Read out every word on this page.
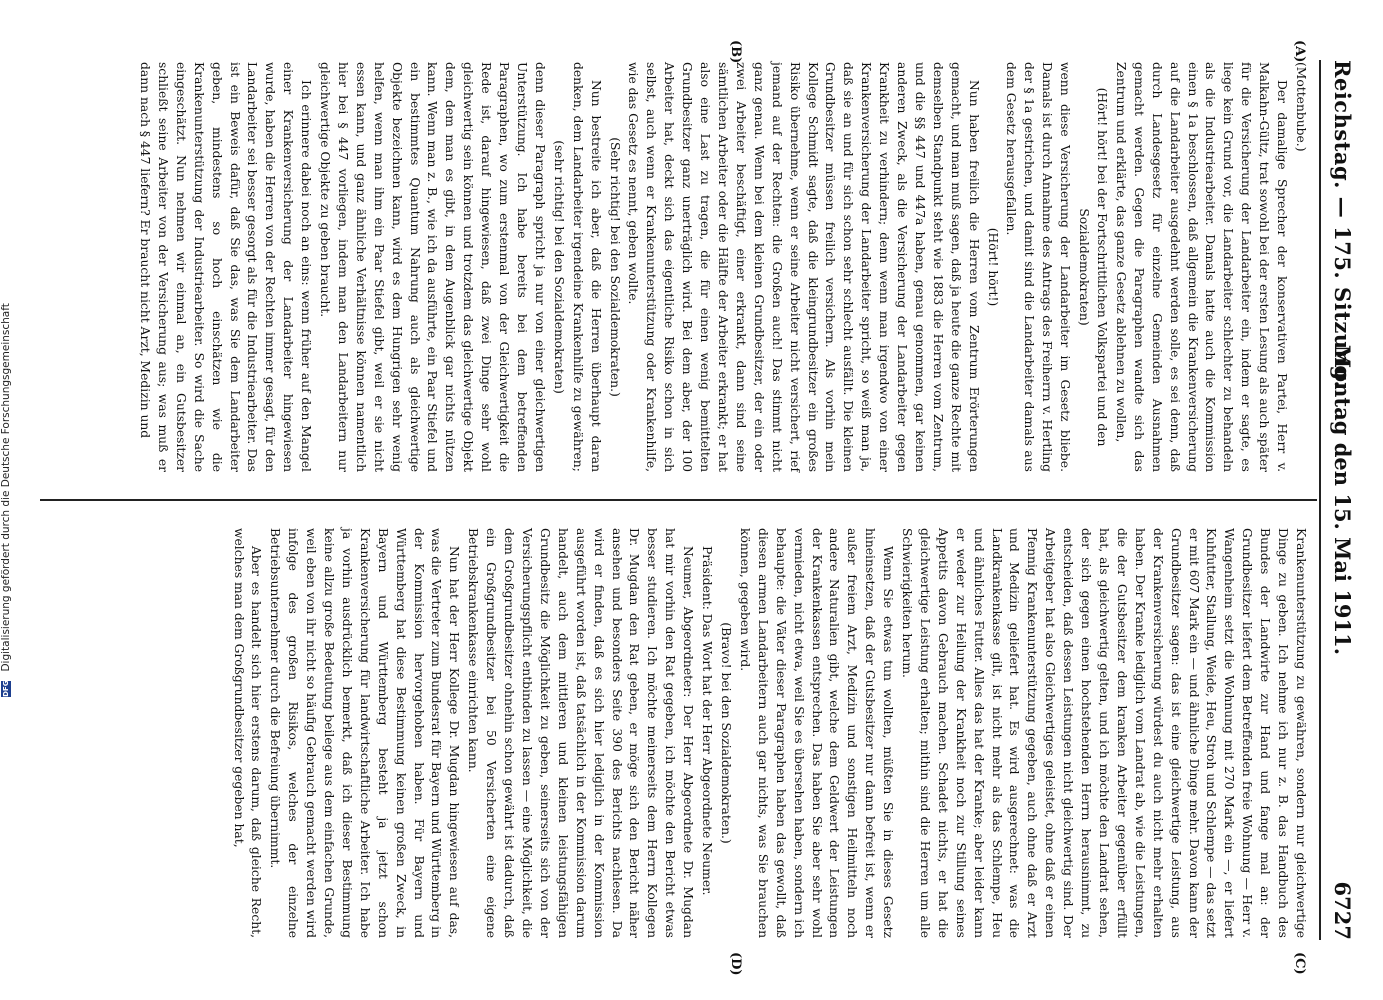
Reichstag. — 175. Sitzung.
Montag den 15. Mai 1911.
6727
(A)
(B)
(C)
(D)

(Mottenbube.)

Der damalige Sprecher der konservativen Partei, Herr v. Malkahn-Gültz, trat sowohl bei der ersten Lesung als auch später für die Versicherung der Landarbeiter ein, indem er sagte, es liege kein Grund vor, die Landarbeiter schlechter zu behandeln als die Industriearbeiter. Damals hatte auch die Kommission einen § 1a beschlossen, daß allgemein die Krankenversicherung auf die Landarbeiter ausgedehnt werden solle, es sei denn, daß durch Landesgesetz für einzelne Gemeinden Ausnahmen gemacht werden. Gegen die Paragraphen wandte sich das Zentrum und erklärte, das ganze Gesetz ablehnen zu wollen,

(Hört! hört! bei der Fortschrittlichen Volkspartei und den Sozialdemokraten)

wenn diese Versicherung der Landarbeiter im Gesetz bliebe. Damals ist durch Annahme des Antrags des Freiherrn v. Hertling der § 1a gestrichen, und damit sind die Landarbeiter damals aus dem Gesetz herausgefallen.

(Hört! hört!)

Nun haben freilich die Herren vom Zentrum Erörterungen gemacht, und man muß sagen, daß ja heute die ganze Rechte mit demselben Standpunkt steht wie 1883 die Herren vom Zentrum, und die §§ 447 und 447a haben, genau genommen, gar keinen anderen Zweck, als die Versicherung der Landarbeiter gegen Krankheit zu verhindern; denn wenn man irgendwo von einer Krankenversicherung der Landarbeiter spricht, so weiß man ja, daß sie an und für sich schon sehr schlecht ausfällt. Die kleinen Grundbesitzer müssen freilich versichern. Als vorhin mein Kollege Schmidt sagte, daß die kleingrundbesitzer ein großes Risiko übernehme, wenn er seine Arbeiter nicht versichert, rief jemand auf der Rechten: die Großen auch! Das stimmt nicht ganz genau. Wenn bei dem kleinen Grundbesitzer, der ein oder zwei Arbeiter beschäftigt, einer erkrankt, dann sind seine sämtlichen Arbeiter oder die Hälfte der Arbeiter erkrankt; er hat also eine Last zu tragen, die für einen wenig bemittelten Grundbesitzer ganz unerträglich wird. Bei dem aber, der 100 Arbeiter hat, deckt sich das eigentliche Risiko schon in sich selbst, auch wenn er Krankenunterstützung oder Krankenhilfe, wie das Gesetz es nennt, geben wollte.

(Sehr richtig! bei den Sozialdemokraten.)

Nun bestreite ich aber, daß die Herren überhaupt daran denken, dem Landarbeiter irgendeine Krankenhilfe zu gewähren;

(sehr richtig! bei den Sozialdemokraten)

denn dieser Paragraph spricht ja nur von einer gleichwertigen Unterstützung. Ich habe bereits bei dem betreffenden Paragraphen, wo zum erstenmal von der Gleichwertigkeit die Rede ist, darauf hingewiesen, daß zwei Dinge sehr wohl gleichwertig sein können und trotzdem das gleichwertige Objekt dem, dem man es gibt, in dem Augenblick gar nichts nützen kann. Wenn man z. B., wie ich da ausführte, ein Paar Stiefel und ein bestimmtes Quantum Nahrung auch als gleichwertige Objekte bezeichnen kann, wird es dem Hungrigen sehr wenig helfen, wenn man ihm ein Paar Stiefel gibt, weil er sie nicht essen kann, und ganz ähnliche Verhältnisse können namentlich hier bei § 447 vorliegen, indem man den Landarbeitern nur gleichwertige Objekte zu geben braucht.

Ich erinnere dabei noch an eins: wenn früher auf den Mangel einer Krankenversicherung der Landarbeiter hingewiesen wurde, haben die Herren von der Rechten immer gesagt, für den Landarbeiter sei besser gesorgt als für die Industriearbeiter. Das ist ein Beweis dafür, daß Sie das, was Sie dem Landarbeiter geben, mindestens so hoch einschätzen wie die Krankenunterstützung der Industriearbeiter. So wird die Sache eingeschätzt. Nun nehmen wir einmal an, ein Gutsbesitzer schließt seine Arbeiter von der Versicherung aus; was muß er dann nach § 447 liefern? Er braucht nicht Arzt, Medizin und

Krankenunterstützung zu gewähren, sondern nur gleichwertige Dinge zu geben. Ich nehme ich nur z. B. das Handbuch des Bundes der Landwirte zur Hand und fange mal an: der Grundbesitzer liefert dem Betreffenden freie Wohnung — Herr v. Wangenheim setzt die Wohnung mit 270 Mark ein —, er liefert Kuhfutter, Stallung, Weide, Heu, Stroh und Schlempe — das setzt er mit 607 Mark ein — und ähnliche Dinge mehr. Davon kann der Grundbesitzer sagen: das ist eine gleichwertige Leistung, aus der Krankenversicherung würdest du auch nicht mehr erhalten haben. Der Kranke lediglich vom Landrat ab, wie die Leistungen, die der Gutsbesitzer dem kranken Arbeiter gegenüber erfüllt hat, als gleichwertig gelten, und ich möchte den Landrat sehen, der sich gegen einen hochstehenden Herrn herausnimmt, zu entscheiden, daß dessen Leistungen nicht gleichwertig sind. Der Arbeitgeber hat also Gleichwertiges geleistet, ohne daß er einen Pfennig Krankenunterstützung gegeben, auch ohne daß er Arzt und Medizin geliefert hat. Es wird ausgerechnet: was die Landkrankenkasse gilt, ist nicht mehr als das Schlempe, Heu und ähnliches Futter. Alles das hat der Kranke; aber leider kann er weder zur Heilung der Krankheit noch zur Stillung seines Appetits davon Gebrauch machen. Schadet nichts, er hat die gleichwertige Leistung erhalten; mithin sind die Herren um alle Schwierigkeiten herum.

Wenn Sie etwas tun wollten, müßten Sie in dieses Gesetz hineinsetzen, daß der Gutsbesitzer nur dann befreit ist, wenn er außer freiem Arzt, Medizin und sonstigen Heilmitteln noch andere Naturalien gibt, welche dem Geldwert der Leistungen der Krankenkassen entsprechen. Das haben Sie aber sehr wohl vermieden, nicht etwa, weil Sie es übersehen haben, sondern ich behaupte: die Väter dieser Paragraphen haben das gewollt, daß diesen armen Landarbeitern auch gar nichts, was Sie brauchen können, gegeben wird.

(Bravo! bei den Sozialdemokraten.)

Präsident: Das Wort hat der Herr Abgeordnete Neumer.

Neumer, Abgeordneter: Der Herr Abgeordnete Dr. Mugdan hat mir vorhin den Rat gegeben, ich möchte den Bericht etwas besser studieren. Ich möchte meinerseits dem Herrn Kollegen Dr. Mugdan den Rat geben, er möge sich den Bericht näher ansehen und besonders Seite 390 des Berichts nachlesen. Da wird er finden, daß es sich hier lediglich in der Kommission ausgeführt worden ist, daß tatsächlich in der Kommission darum handelt, auch dem mittleren und kleinen leistungsfähigen Grundbesitz die Möglichkeit zu geben, seinerseits sich von der Versicherungspflicht entbinden zu lassen — eine Möglichkeit, die dem Großgrundbesitzer ohnehin schon gewährt ist dadurch, daß ein Großgrundbesitzer bei 50 Versicherten eine eigene Betriebskrankenkasse einrichten kann.

Nun hat der Herr Kollege Dr. Mugdan hingewiesen auf das, was die Vertreter zum Bundesrat für Bayern und Württemberg in der Kommission hervorgehoben haben. Für Bayern und Württemberg hat diese Bestimmung keinen großen Zweck, in Bayern und Württemberg besteht ja jetzt schon Krankenversicherung für landwirtschaftliche Arbeiter. Ich habe ja vorhin ausdrücklich bemerkt, daß ich dieser Bestimmung keine allzu große Bedeutung beilege aus dem einfachen Grunde, weil eben von ihr nicht so häufig Gebrauch gemacht werden wird infolge des großen Risikos, welches der einzelne Betriebsunternehmer durch die Befreiung übernimmt.

Aber es handelt sich hier erstens darum, daß gleiche Recht, welches man dem Großgrundbesitzer gegeben hat,

DFG Digitalisierung gefördert durch die Deutsche Forschungsgemeinschaft
